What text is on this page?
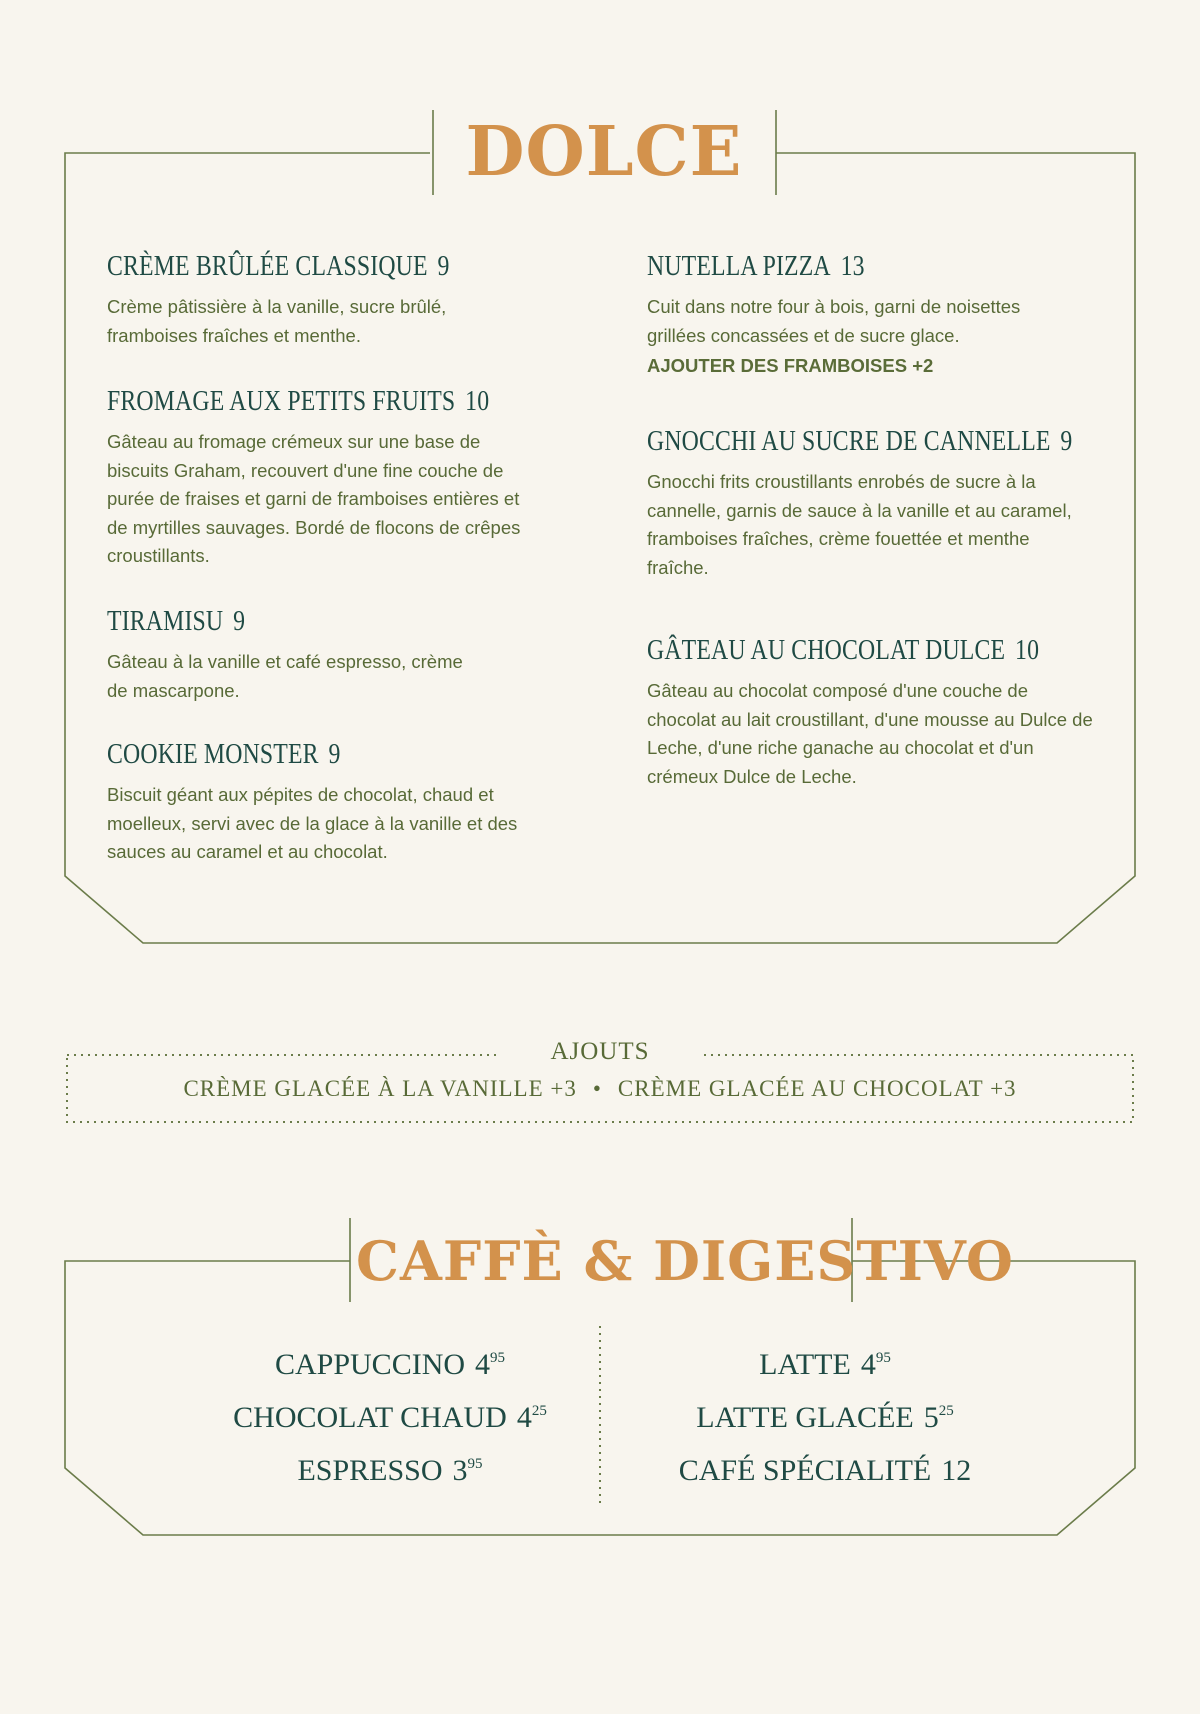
DOLCE
CRÈME BRÛLÉE CLASSIQUE 9
Crème pâtissière à la vanille, sucre brûlé, framboises fraîches et menthe.
FROMAGE AUX PETITS FRUITS 10
Gâteau au fromage crémeux sur une base de biscuits Graham, recouvert d'une fine couche de purée de fraises et garni de framboises entières et de myrtilles sauvages. Bordé de flocons de crêpes croustillants.
TIRAMISU 9
Gâteau à la vanille et café espresso, crème de mascarpone.
COOKIE MONSTER 9
Biscuit géant aux pépites de chocolat, chaud et moelleux, servi avec de la glace à la vanille et des sauces au caramel et au chocolat.
NUTELLA PIZZA 13
Cuit dans notre four à bois, garni de noisettes grillées concassées et de sucre glace.
AJOUTER DES FRAMBOISES +2
GNOCCHI AU SUCRE DE CANNELLE 9
Gnocchi frits croustillants enrobés de sucre à la cannelle, garnis de sauce à la vanille et au caramel, framboises fraîches, crème fouettée et menthe fraîche.
GÂTEAU AU CHOCOLAT DULCE 10
Gâteau au chocolat composé d'une couche de chocolat au lait croustillant, d'une mousse au Dulce de Leche, d'une riche ganache au chocolat et d'un crémeux Dulce de Leche.
AJOUTS
CRÈME GLACÉE À LA VANILLE +3 • CRÈME GLACÉE AU CHOCOLAT +3
CAFFÈ & DIGESTIVO
CAPPUCCINO $4^{95}$
CHOCOLAT CHAUD $4^{25}$
ESPRESSO $3^{95}$
LATTE $4^{95}$
LATTE GLACÉE $5^{25}$
CAFÉ SPÉCIALITÉ 12
